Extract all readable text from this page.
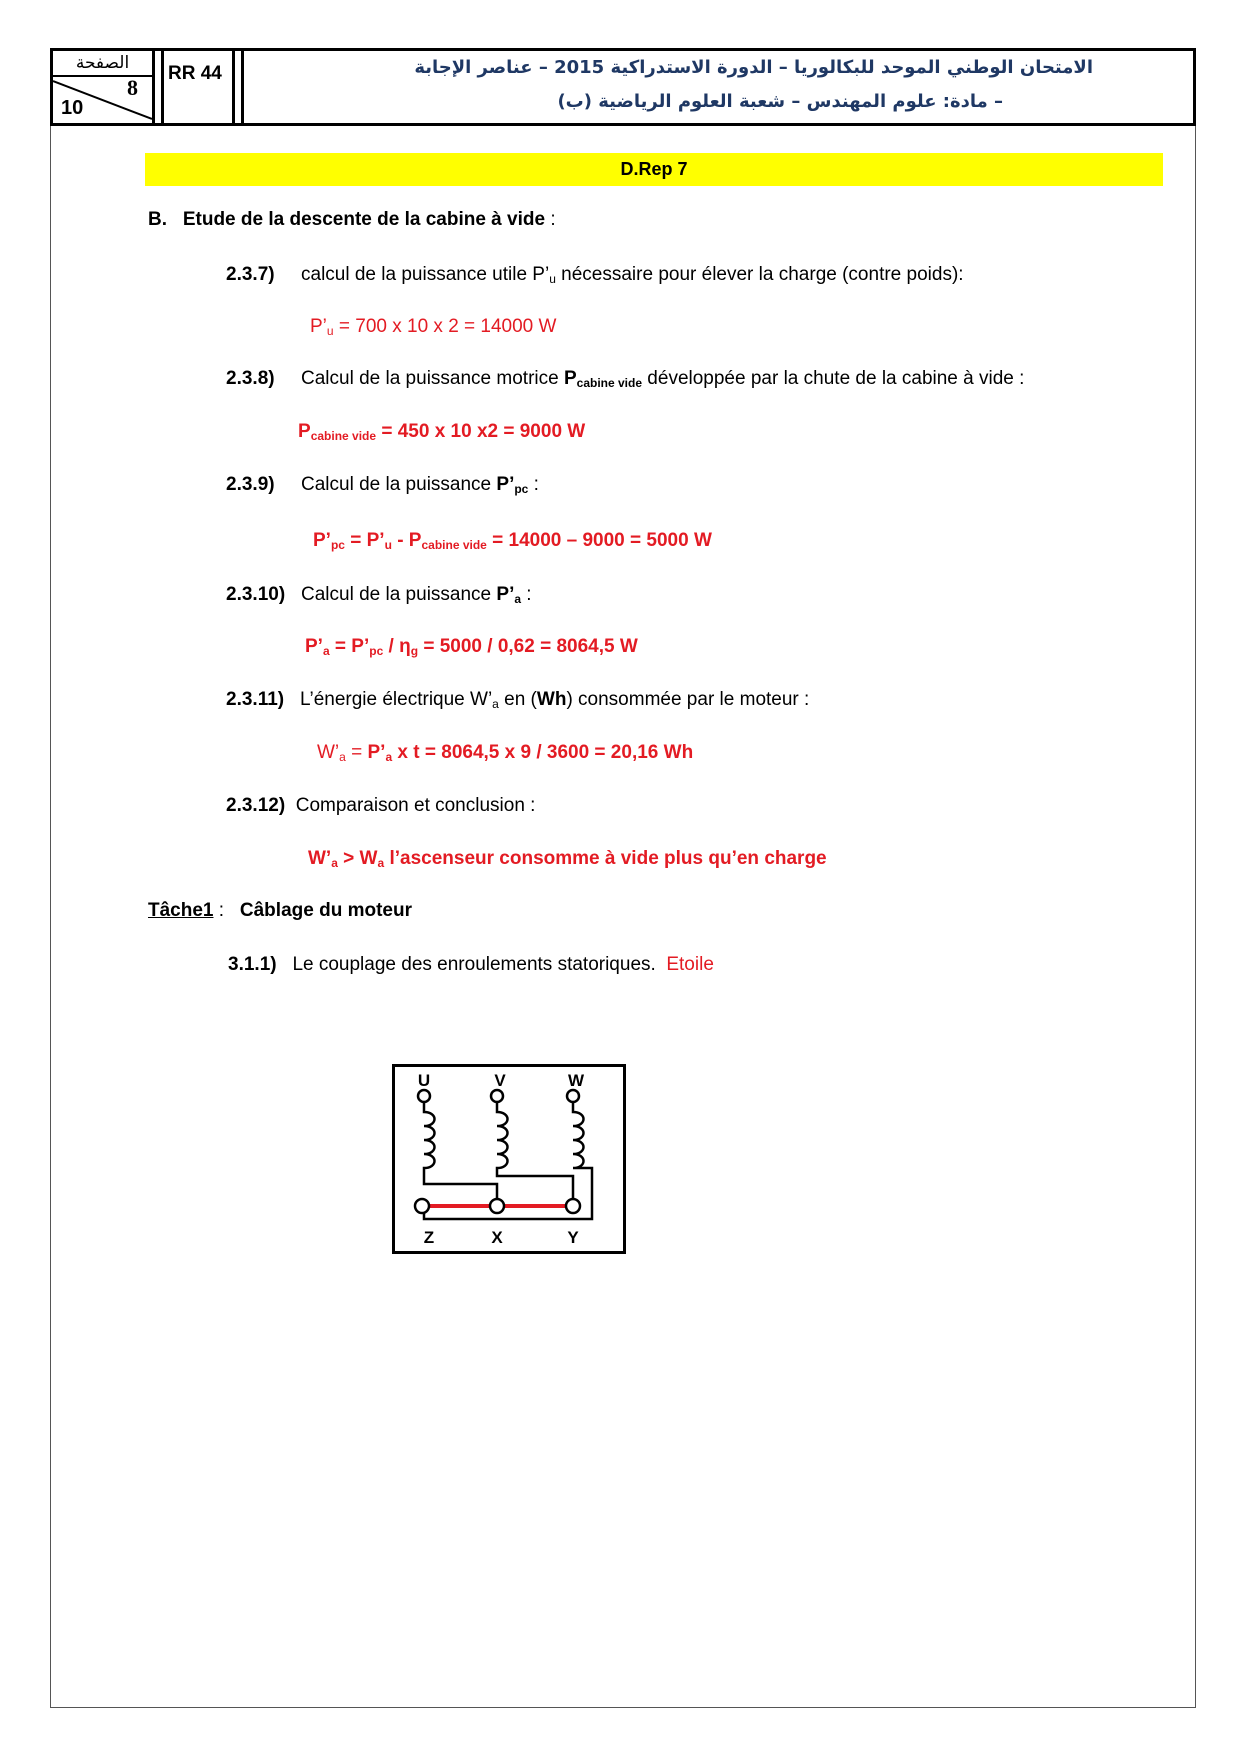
الصفحة
8
10
RR 44	الامتحان الوطني الموحد للبكالوريا – الدورة الاستدراكية 2015 – عناصر الإجابة
– مادة: علوم المهندس – شعبة العلوم الرياضية (ب)
D.Rep 7
B. Etude de la descente de la cabine à vide :
2.3.7) calcul de la puissance utile $P’_u$ nécessaire pour élever la charge (contre poids):
$P’_u = 700$ x 10 x 2 = 14000 W
2.3.8) Calcul de la puissance motrice $P_{cabine vide}$ développée par la chute de la cabine à vide :
$P_{cabine vide} = 450$ x 10 x2 = 9000 W
2.3.9) Calcul de la puissance $P’_{pc}$ :
$P’_{pc}$ = $P’_u - P_{cabine vide} = 14000 - 9000 = 5000$ W
2.3.10) Calcul de la puissance $P’_a$ :
$P’_a$ = $P’_{pc} / \eta_g = 5000 / 0,62 = 8064,5$ W
2.3.11) L’énergie électrique $W’_a$ en (Wh) consommée par le moteur :
$W’_a$ = $P’_a$ x t = 8064,5 x 9 / 3600 = 20,16 Wh
2.3.12) Comparaison et conclusion :
$W’_a > W_a$ l’ascenseur consomme à vide plus qu’en charge
Tâche1 : Câblage du moteur
3.1.1) Le couplage des enroulements statoriques. Etoile
U	V	W
Z	X	Y
